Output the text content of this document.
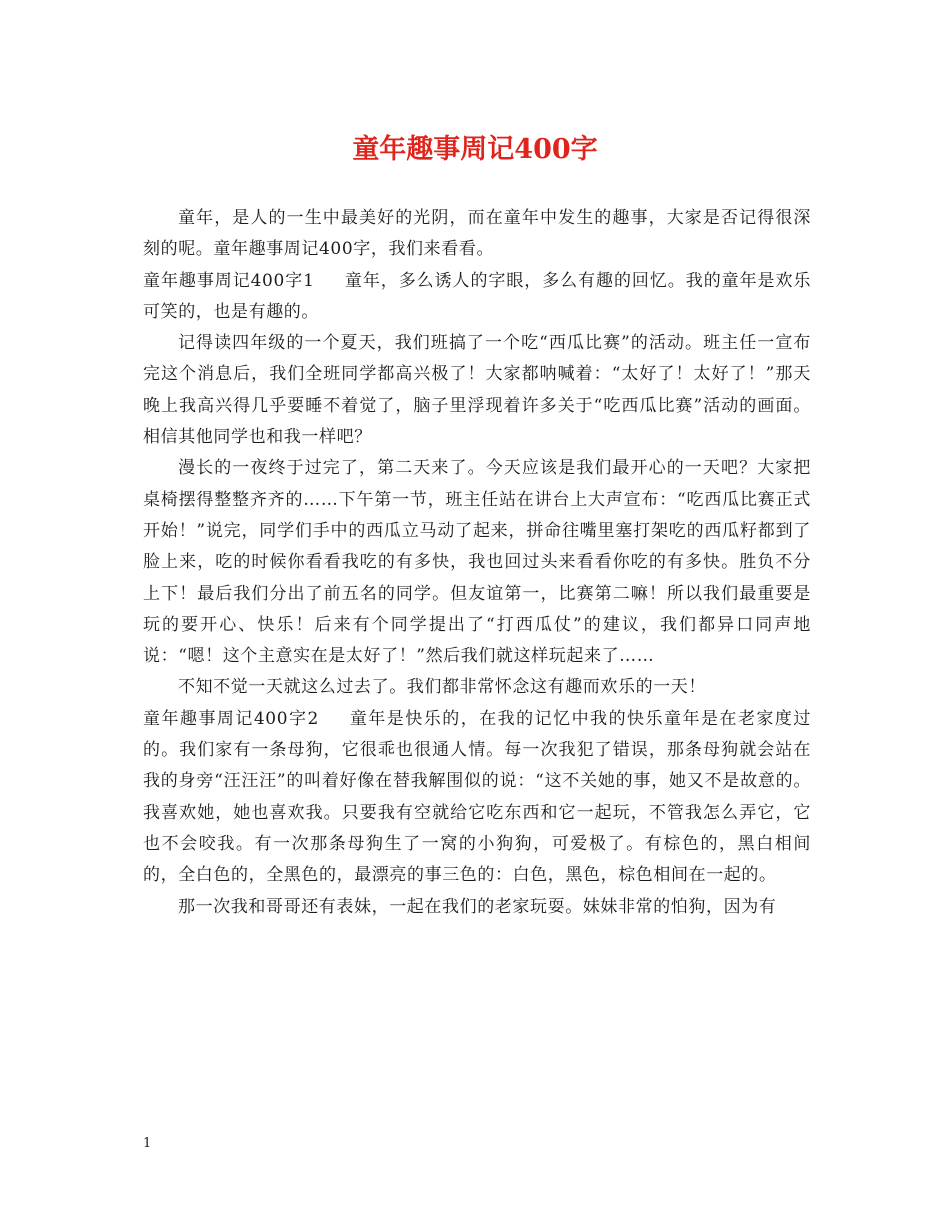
童年趣事周记400字

童年，是人的一生中最美好的光阴，而在童年中发生的趣事，大家是否记得很深刻的呢。童年趣事周记400字，我们来看看。

童年趣事周记400字1 童年，多么诱人的字眼，多么有趣的回忆。我的童年是欢乐可笑的，也是有趣的。

记得读四年级的一个夏天，我们班搞了一个吃“西瓜比赛”的活动。班主任一宣布完这个消息后，我们全班同学都高兴极了！大家都呐喊着：“太好了！太好了！”那天晚上我高兴得几乎要睡不着觉了，脑子里浮现着许多关于“吃西瓜比赛”活动的画面。相信其他同学也和我一样吧？

漫长的一夜终于过完了，第二天来了。今天应该是我们最开心的一天吧？大家把桌椅摆得整整齐齐的……下午第一节，班主任站在讲台上大声宣布：“吃西瓜比赛正式开始！”说完，同学们手中的西瓜立马动了起来，拼命往嘴里塞打架吃的西瓜籽都到了脸上来，吃的时候你看看我吃的有多快，我也回过头来看看你吃的有多快。胜负不分上下！最后我们分出了前五名的同学。但友谊第一，比赛第二嘛！所以我们最重要是玩的要开心、快乐！后来有个同学提出了“打西瓜仗”的建议，我们都异口同声地说：“嗯！这个主意实在是太好了！”然后我们就这样玩起来了……

不知不觉一天就这么过去了。我们都非常怀念这有趣而欢乐的一天！

童年趣事周记400字2 童年是快乐的，在我的记忆中我的快乐童年是在老家度过的。我们家有一条母狗，它很乖也很通人情。每一次我犯了错误，那条母狗就会站在我的身旁“汪汪汪”的叫着好像在替我解围似的说：“这不关她的事，她又不是故意的。我喜欢她，她也喜欢我。只要我有空就给它吃东西和它一起玩，不管我怎么弄它，它也不会咬我。有一次那条母狗生了一窝的小狗狗，可爱极了。有棕色的，黑白相间的，全白色的，全黑色的，最漂亮的事三色的：白色，黑色，棕色相间在一起的。

那一次我和哥哥还有表妹，一起在我们的老家玩耍。妹妹非常的怕狗，因为有

1
